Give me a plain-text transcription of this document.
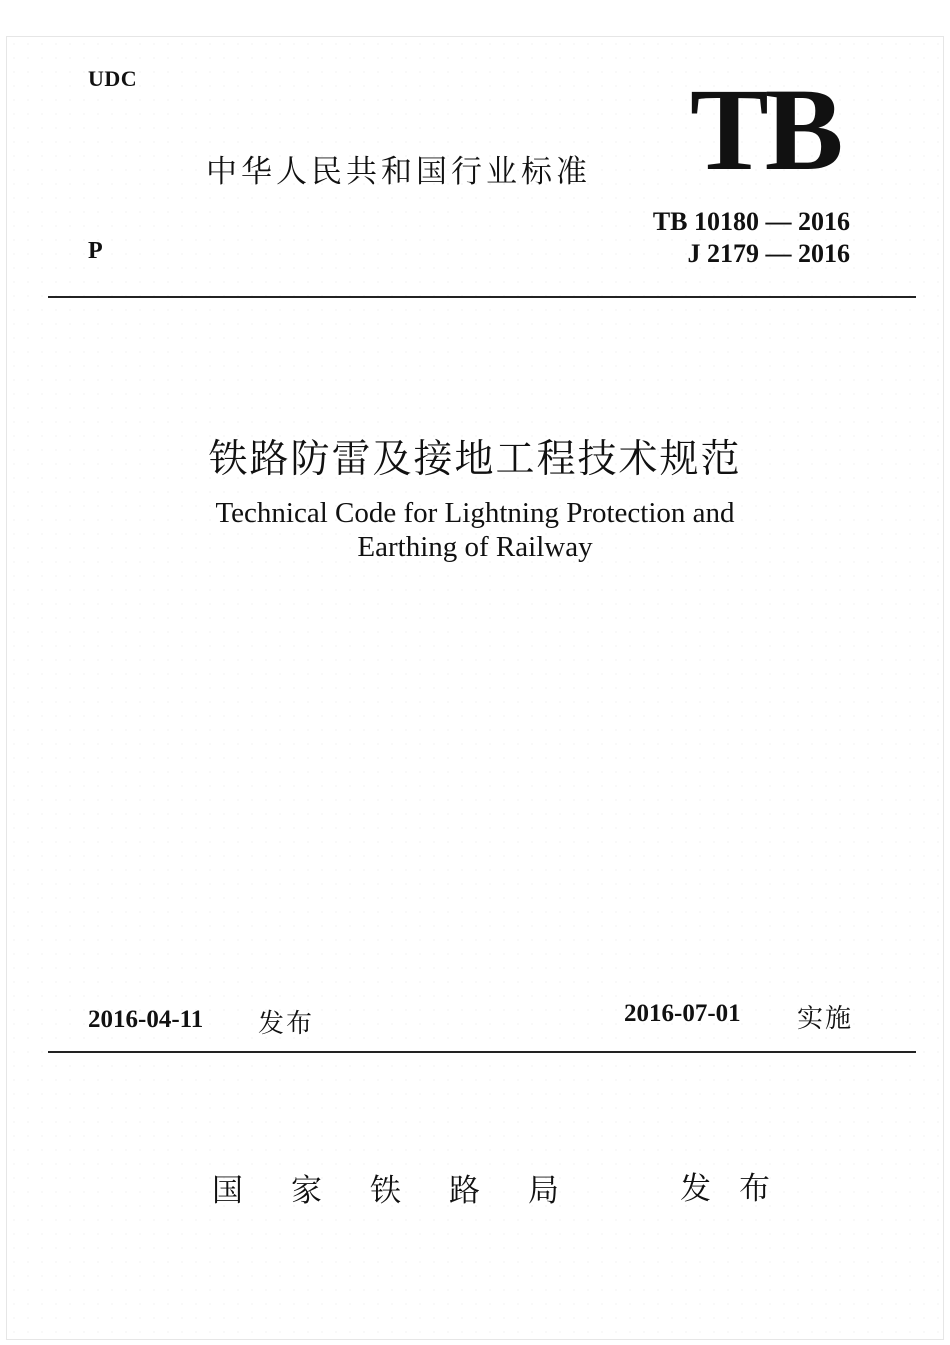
UDC
中华人民共和国行业标准 TB
TB 10180 — 2016
J 2179 — 2016
P
铁路防雷及接地工程技术规范
Technical Code for Lightning Protection and
Earthing of Railway
2016-04-11 发布	2016-07-01 实施
国家铁路局 发布
